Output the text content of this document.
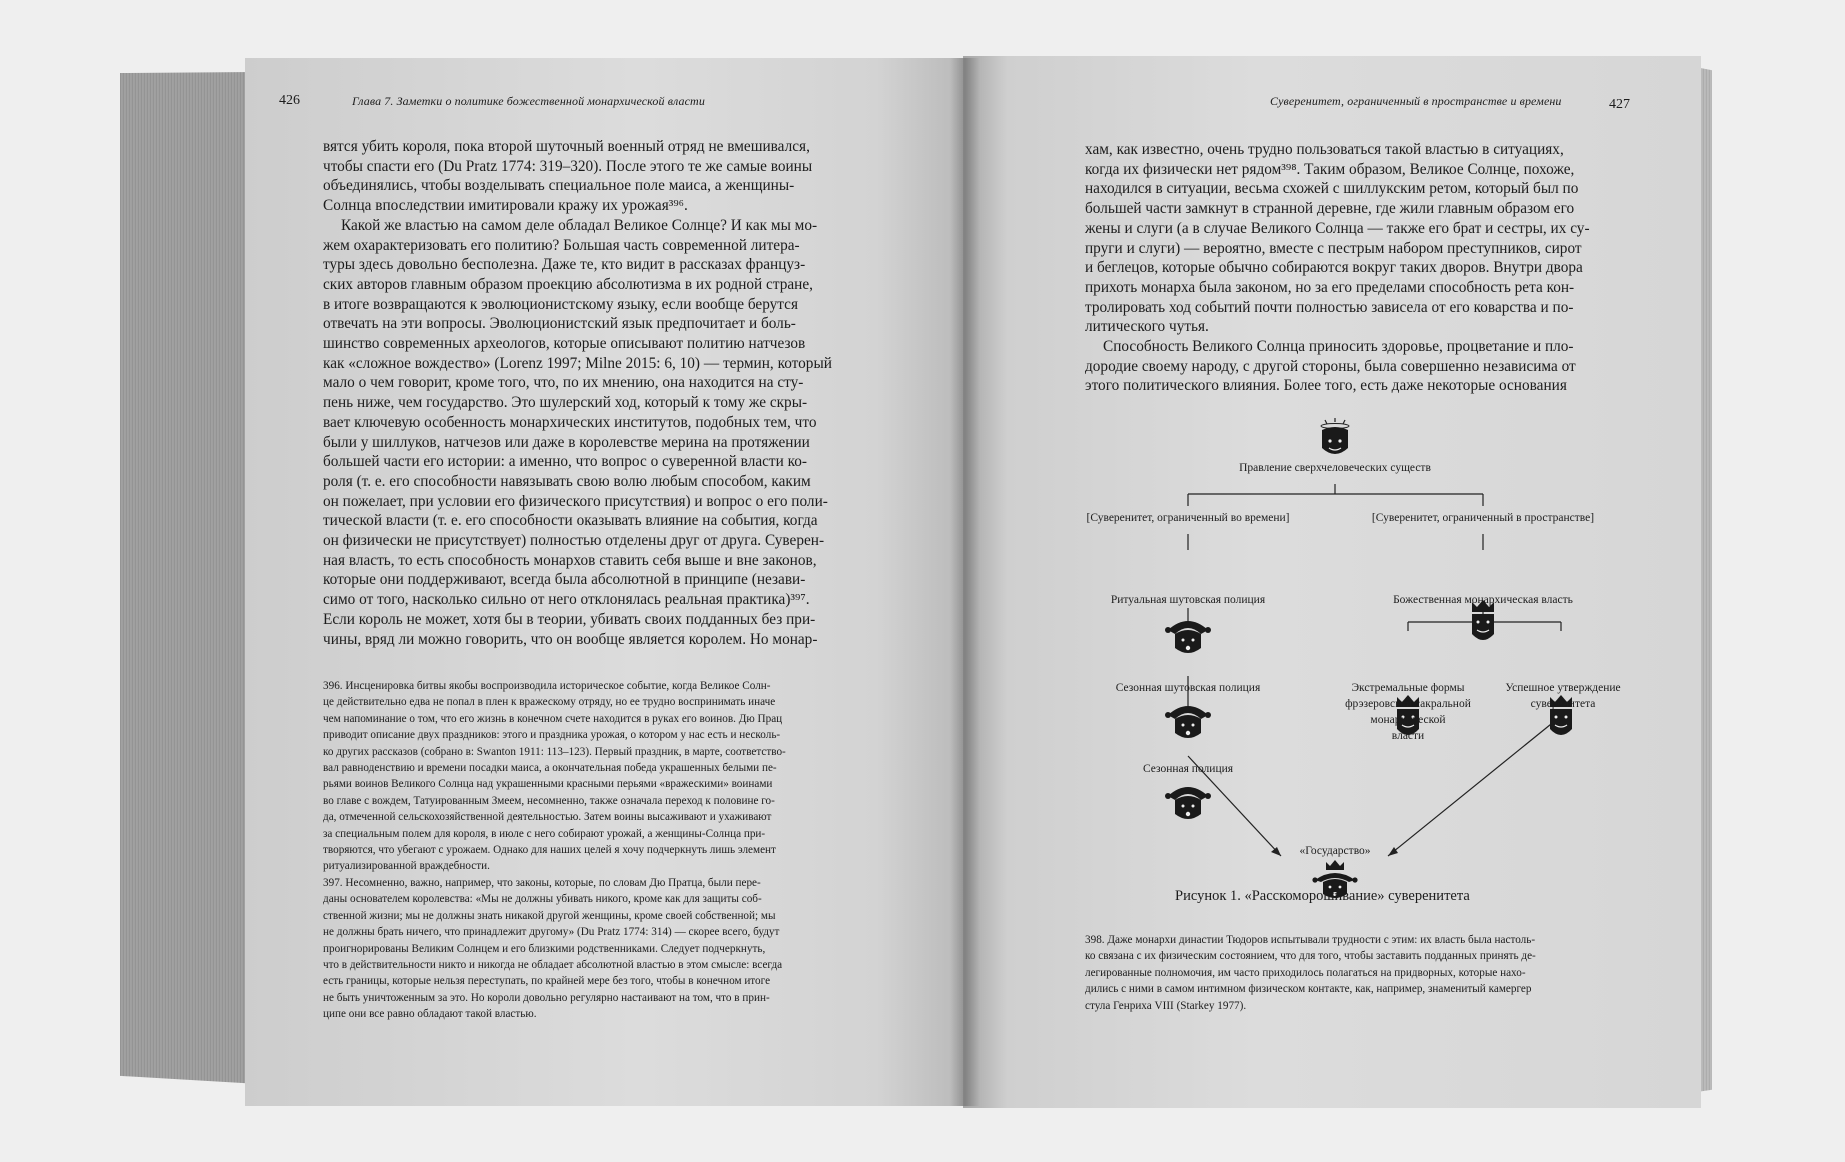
426	Глава 7. Заметки о политике божественной монархической власти
вятся убить короля, пока второй шуточный военный отряд не вмешивался,
чтобы спасти его (Du Pratz 1774: 319–320). После этого те же самые воины
объединялись, чтобы возделывать специальное поле маиса, а женщины-
Солнца впоследствии имитировали кражу их урожая³⁹⁶.
Какой же властью на самом деле обладал Великое Солнце? И как мы мо-
жем охарактеризовать его политию? Большая часть современной литера-
туры здесь довольно бесполезна. Даже те, кто видит в рассказах француз-
ских авторов главным образом проекцию абсолютизма в их родной стране,
в итоге возвращаются к эволюционистскому языку, если вообще берутся
отвечать на эти вопросы. Эволюционистский язык предпочитает и боль-
шинство современных археологов, которые описывают политию натчезов
как «сложное вождество» (Lorenz 1997; Milne 2015: 6, 10) — термин, который
мало о чем говорит, кроме того, что, по их мнению, она находится на сту-
пень ниже, чем государство. Это шулерский ход, который к тому же скры-
вает ключевую особенность монархических институтов, подобных тем, что
были у шиллуков, натчезов или даже в королевстве мерина на протяжении
большей части его истории: а именно, что вопрос о суверенной власти ко-
роля (т. е. его способности навязывать свою волю любым способом, каким
он пожелает, при условии его физического присутствия) и вопрос о его поли-
тической власти (т. е. его способности оказывать влияние на события, когда
он физически не присутствует) полностью отделены друг от друга. Суверен-
ная власть, то есть способность монархов ставить себя выше и вне законов,
которые они поддерживают, всегда была абсолютной в принципе (незави-
симо от того, насколько сильно от него отклонялась реальная практика)³⁹⁷.
Если король не может, хотя бы в теории, убивать своих подданных без при-
чины, вряд ли можно говорить, что он вообще является королем. Но монар-
396. Инсценировка битвы якобы воспроизводила историческое событие, когда Великое Солн-
це действительно едва не попал в плен к вражескому отряду, но ее трудно воспринимать иначе
чем напоминание о том, что его жизнь в конечном счете находится в руках его воинов. Дю Прац
приводит описание двух праздников: этого и праздника урожая, о котором у нас есть и несколь-
ко других рассказов (собрано в: Swanton 1911: 113–123). Первый праздник, в марте, соответство-
вал равноденствию и времени посадки маиса, а окончательная победа украшенных белыми пе-
рьями воинов Великого Солнца над украшенными красными перьями «вражескими» воинами
во главе с вождем, Татуированным Змеем, несомненно, также означала переход к половине го-
да, отмеченной сельскохозяйственной деятельностью. Затем воины высаживают и ухаживают
за специальным полем для короля, в июле с него собирают урожай, а женщины-Солнца при-
творяются, что убегают с урожаем. Однако для наших целей я хочу подчеркнуть лишь элемент
ритуализированной враждебности.
397. Несомненно, важно, например, что законы, которые, по словам Дю Пратца, были пере-
даны основателем королевства: «Мы не должны убивать никого, кроме как для защиты соб-
ственной жизни; мы не должны знать никакой другой женщины, кроме своей собственной; мы
не должны брать ничего, что принадлежит другому» (Du Pratz 1774: 314) — скорее всего, будут
проигнорированы Великим Солнцем и его близкими родственниками. Следует подчеркнуть,
что в действительности никто и никогда не обладает абсолютной властью в этом смысле: всегда
есть границы, которые нельзя переступать, по крайней мере без того, чтобы в конечном итоге
не быть уничтоженным за это. Но короли довольно регулярно настаивают на том, что в прин-
ципе они все равно обладают такой властью.
Суверенитет, ограниченный в пространстве и времени	427
хам, как известно, очень трудно пользоваться такой властью в ситуациях,
когда их физически нет рядом³⁹⁸. Таким образом, Великое Солнце, похоже,
находился в ситуации, весьма схожей с шиллукским ретом, который был по
большей части замкнут в странной деревне, где жили главным образом его
жены и слуги (а в случае Великого Солнца — также его брат и сестры, их су-
пруги и слуги) — вероятно, вместе с пестрым набором преступников, сирот
и беглецов, которые обычно собираются вокруг таких дворов. Внутри двора
прихоть монарха была законом, но за его пределами способность рета кон-
тролировать ход событий почти полностью зависела от его коварства и по-
литического чутья.
Способность Великого Солнца приносить здоровье, процветание и пло-
дородие своему народу, с другой стороны, была совершенно независима от
этого политического влияния. Более того, есть даже некоторые основания
Правление сверхчеловеческих существ
[Суверенитет, ограниченный во времени]	[Суверенитет, ограниченный в пространстве]
Ритуальная шутовская полиция	Божественная монархическая власть
Сезонная шутовская полиция	Экстремальные формы
фрэзеровской сакральной
монархической
власти
Успешное утверждение
суверенитета
Сезонная полиция
«Государство»
Рисунок 1. «Расскоморошивание» суверенитета
398. Даже монархи династии Тюдоров испытывали трудности с этим: их власть была настоль-
ко связана с их физическим состоянием, что для того, чтобы заставить подданных принять де-
легированные полномочия, им часто приходилось полагаться на придворных, которые нахо-
дились с ними в самом интимном физическом контакте, как, например, знаменитый камергер
стула Генриха VIII (Starkey 1977).
